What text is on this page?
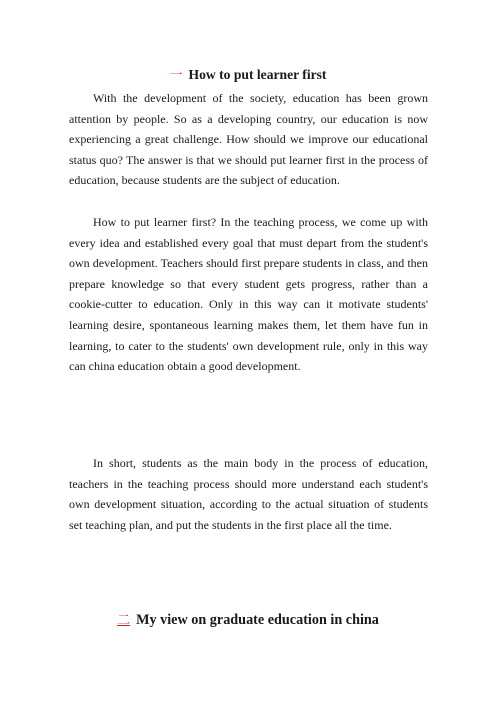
一 How to put learner first

With the development of the society, education has been grown attention by people. So as a developing country, our education is now experiencing a great challenge. How should we improve our educational status quo? The answer is that we should put learner first in the process of education, because students are the subject of education.

How to put learner first? In the teaching process, we come up with every idea and established every goal that must depart from the student's own development. Teachers should first prepare students in class, and then prepare knowledge so that every student gets progress, rather than a cookie-cutter to education. Only in this way can it motivate students' learning desire, spontaneous learning makes them, let them have fun in learning, to cater to the students' own development rule, only in this way can china education obtain a good development.

In short, students as the main body in the process of education, teachers in the teaching process should more understand each student's own development situation, according to the actual situation of students set teaching plan, and put the students in the first place all the time.

二 My view on graduate education in china
